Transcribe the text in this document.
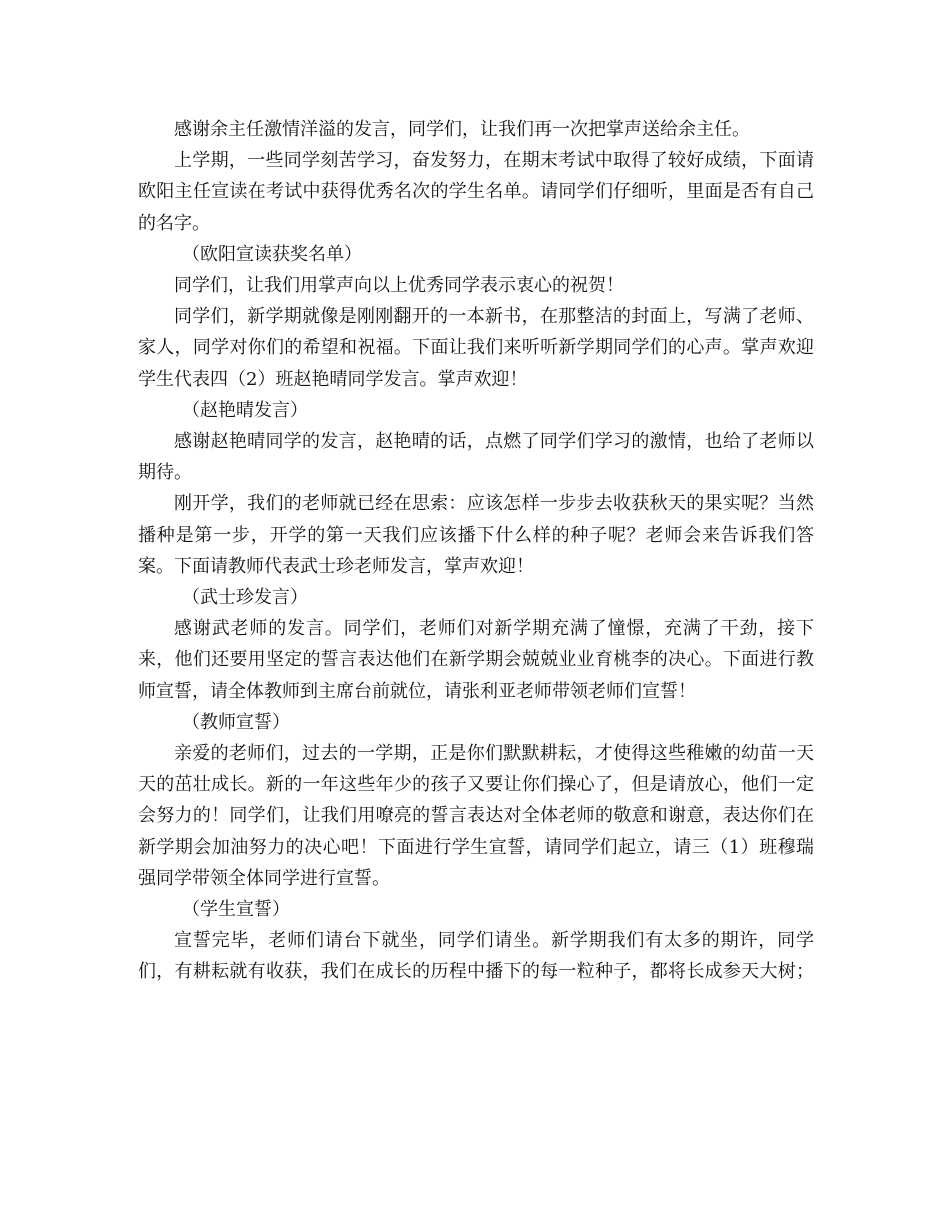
感谢余主任激情洋溢的发言，同学们，让我们再一次把掌声送给余主任。

上学期，一些同学刻苦学习，奋发努力，在期末考试中取得了较好成绩，下面请欧阳主任宣读在考试中获得优秀名次的学生名单。请同学们仔细听，里面是否有自己的名字。

（欧阳宣读获奖名单）

同学们，让我们用掌声向以上优秀同学表示衷心的祝贺！

同学们，新学期就像是刚刚翻开的一本新书，在那整洁的封面上，写满了老师、家人，同学对你们的希望和祝福。下面让我们来听听新学期同学们的心声。掌声欢迎学生代表四（2）班赵艳晴同学发言。掌声欢迎！

（赵艳晴发言）

感谢赵艳晴同学的发言，赵艳晴的话，点燃了同学们学习的激情，也给了老师以期待。

刚开学，我们的老师就已经在思索：应该怎样一步步去收获秋天的果实呢？当然播种是第一步，开学的第一天我们应该播下什么样的种子呢？老师会来告诉我们答案。下面请教师代表武士珍老师发言，掌声欢迎！

（武士珍发言）

感谢武老师的发言。同学们，老师们对新学期充满了憧憬，充满了干劲，接下来，他们还要用坚定的誓言表达他们在新学期会兢兢业业育桃李的决心。下面进行教师宣誓，请全体教师到主席台前就位，请张利亚老师带领老师们宣誓！

（教师宣誓）

亲爱的老师们，过去的一学期，正是你们默默耕耘，才使得这些稚嫩的幼苗一天天的茁壮成长。新的一年这些年少的孩子又要让你们操心了，但是请放心，他们一定会努力的！同学们，让我们用嘹亮的誓言表达对全体老师的敬意和谢意，表达你们在新学期会加油努力的决心吧！下面进行学生宣誓，请同学们起立，请三（1）班穆瑞强同学带领全体同学进行宣誓。

（学生宣誓）

宣誓完毕，老师们请台下就坐，同学们请坐。新学期我们有太多的期许，同学们，有耕耘就有收获，我们在成长的历程中播下的每一粒种子，都将长成参天大树；
